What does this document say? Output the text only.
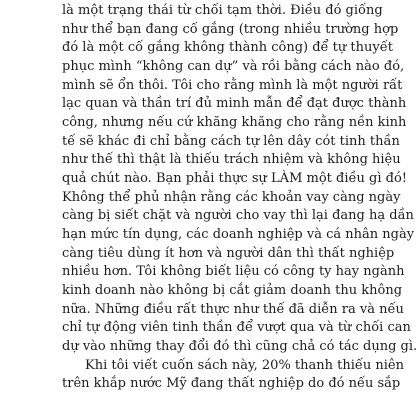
là một trạng thái từ chối tạm thời. Điều đó giống
như thể bạn đang cố gắng (trong nhiều trường hợp
đó là một cố gắng không thành công) để tự thuyết
phục mình “không can dự” và rồi bằng cách nào đó,
mình sẽ ổn thôi. Tôi cho rằng mình là một người rất
lạc quan và thần trí đủ minh mẫn để đạt được thành
công, nhưng nếu cứ khăng khăng cho rằng nền kinh
tế sẽ khác đi chỉ bằng cách tự lên dây cót tinh thần
như thế thì thật là thiếu trách nhiệm và không hiệu
quả chút nào. Bạn phải thực sự LÀM một điều gì đó!
Không thể phủ nhận rằng các khoản vay càng ngày
càng bị siết chặt và người cho vay thì lại đang hạ dần
hạn mức tín dụng, các doanh nghiệp và cá nhân ngày
càng tiêu dùng ít hơn và người dân thì thất nghiệp
nhiều hơn. Tôi không biết liệu có công ty hay ngành
kinh doanh nào không bị cắt giảm doanh thu không
nữa. Những điều rất thực như thế đã diễn ra và nếu
chỉ tự động viên tinh thần để vượt qua và từ chối can
dự vào những thay đổi đó thì cũng chả có tác dụng gì.
Khi tôi viết cuốn sách này, 20% thanh thiếu niên
trên khắp nước Mỹ đang thất nghiệp do đó nếu sắp
